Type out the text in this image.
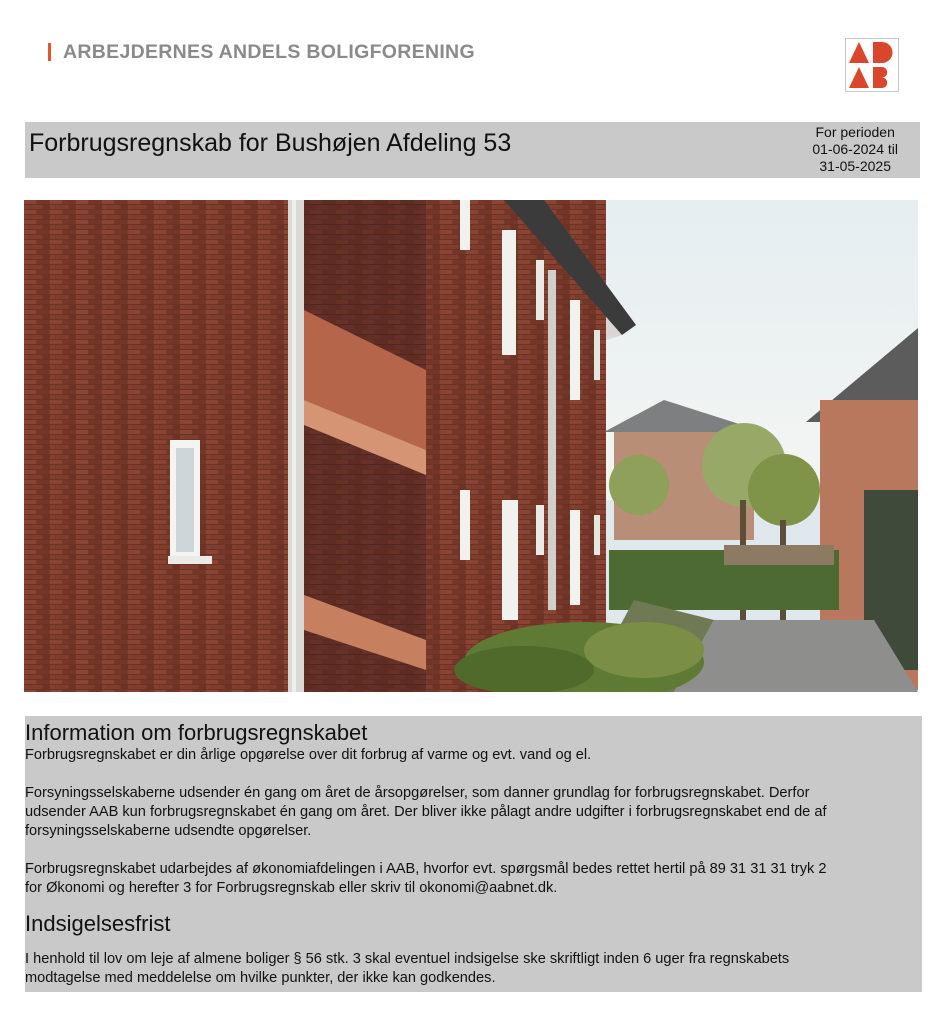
ARBEJDERNES ANDELS BOLIGFORENING
Forbrugsregnskab for Bushøjen Afdeling 53	For perioden
01-06-2024 til
31-05-2025
Information om forbrugsregnskabet

Forbrugsregnskabet er din årlige opgørelse over dit forbrug af varme og evt. vand og el.

Forsyningsselskaberne udsender én gang om året de årsopgørelser, som danner grundlag for forbrugsregnskabet. Derfor

udsender AAB kun forbrugsregnskabet én gang om året. Der bliver ikke pålagt andre udgifter i forbrugsregnskabet end de af

forsyningsselskaberne udsendte opgørelser.

Forbrugsregnskabet udarbejdes af økonomiafdelingen i AAB, hvorfor evt. spørgsmål bedes rettet hertil på 89 31 31 31 tryk 2

for Økonomi og herefter 3 for Forbrugsregnskab eller skriv til okonomi@aabnet.dk.

Indsigelsesfrist

I henhold til lov om leje af almene boliger § 56 stk. 3 skal eventuel indsigelse ske skriftligt inden 6 uger fra regnskabets

modtagelse med meddelelse om hvilke punkter, der ikke kan godkendes.
